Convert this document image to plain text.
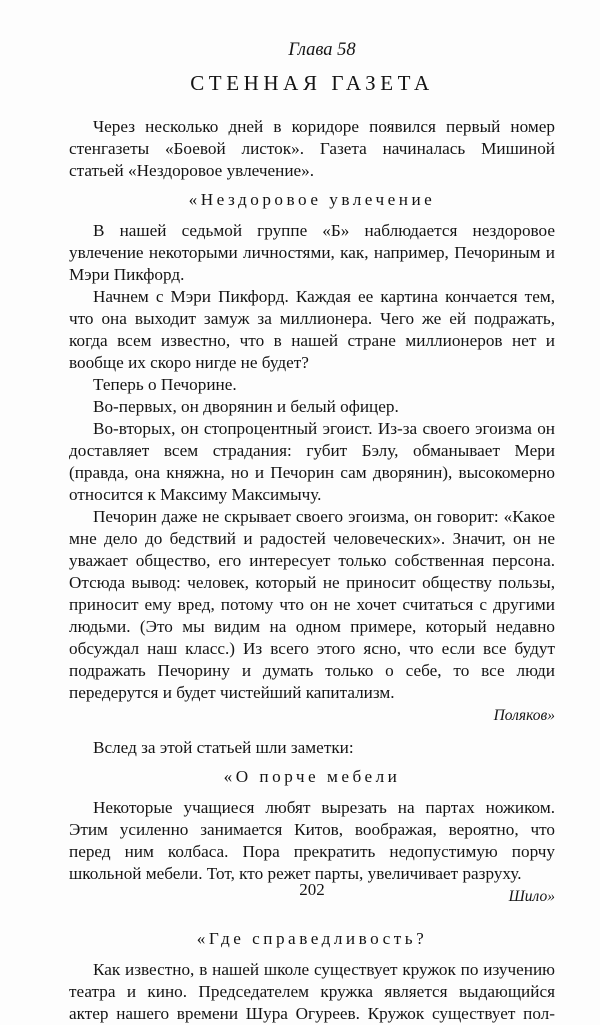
Глава 58
СТЕННАЯ ГАЗЕТА

Через несколько дней в коридоре появился первый номер стенгазеты «Боевой листок». Газета начиналась Мишиной статьей «Нездоровое увлечение».

«Нездоровое увлечение

В нашей седьмой группе «Б» наблюдается нездоровое увлечение некоторыми личностями, как, например, Печориным и Мэри Пикфорд.

Начнем с Мэри Пикфорд. Каждая ее картина кончается тем, что она выходит замуж за миллионера. Чего же ей подражать, когда всем известно, что в нашей стране миллионеров нет и вообще их скоро нигде не будет?

Теперь о Печорине.

Во-первых, он дворянин и белый офицер.

Во-вторых, он стопроцентный эгоист. Из-за своего эгоизма он доставляет всем страдания: губит Бэлу, обманывает Мери (правда, она княжна, но и Печорин сам дворянин), высокомерно относится к Максиму Максимычу.

Печорин даже не скрывает своего эгоизма, он говорит: «Какое мне дело до бедствий и радостей человеческих». Значит, он не уважает общество, его интересует только собственная персона. Отсюда вывод: человек, который не приносит обществу пользы, приносит ему вред, потому что он не хочет считаться с другими людьми. (Это мы видим на одном примере, который недавно обсуждал наш класс.) Из всего этого ясно, что если все будут подражать Печорину и думать только о себе, то все люди передерутся и будет чистейший капитализм.

Поляков»

Вслед за этой статьей шли заметки:

«О порче мебели

Некоторые учащиеся любят вырезать на партах ножиком. Этим усиленно занимается Китов, воображая, вероятно, что перед ним колбаса. Пора прекратить недопустимую порчу школьной мебели. Тот, кто режет парты, увеличивает разруху.

Шило»
«Где справедливость?

Как известно, в нашей школе существует кружок по изучению театра и кино. Председателем кружка является выдающийся актер нашего времени Шура Огуреев. Кружок существует пол-

202
